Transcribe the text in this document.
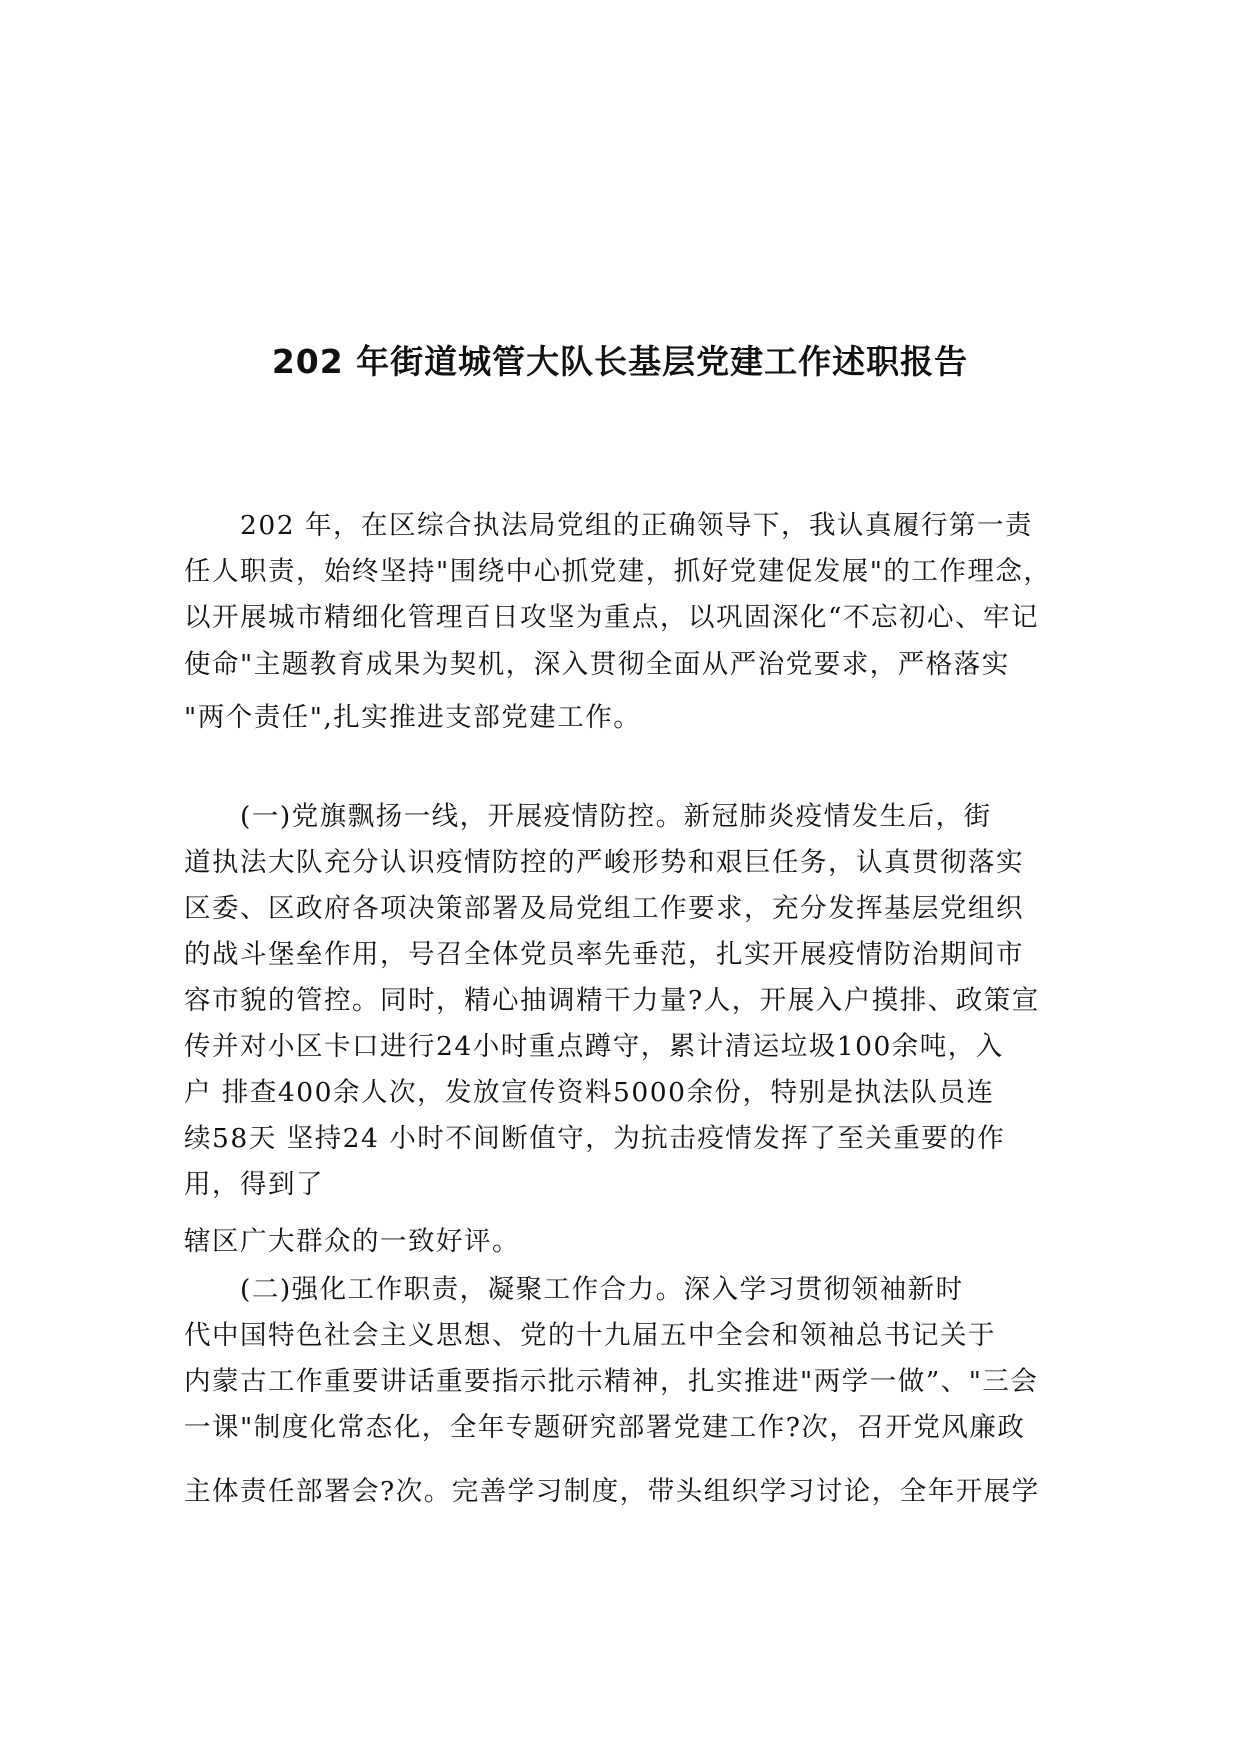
202 年街道城管大队长基层党建工作述职报告
202 年，在区综合执法局党组的正确领导下，我认真履行第一责
任人职责，始终坚持"围绕中心抓党建，抓好党建促发展"的工作理念，
以开展城市精细化管理百日攻坚为重点，以巩固深化“不忘初心、牢记
使命"主题教育成果为契机，深入贯彻全面从严治党要求，严格落实
"两个责任",扎实推进支部党建工作。
(一)党旗飘扬一线，开展疫情防控。新冠肺炎疫情发生后，街
道执法大队充分认识疫情防控的严峻形势和艰巨任务，认真贯彻落实
区委、区政府各项决策部署及局党组工作要求，充分发挥基层党组织
的战斗堡垒作用，号召全体党员率先垂范，扎实开展疫情防治期间市
容市貌的管控。同时，精心抽调精干力量?人，开展入户摸排、政策宣
传并对小区卡口进行24小时重点蹲守，累计清运垃圾100余吨，入
户 排查400余人次，发放宣传资料5000余份，特别是执法队员连
续58天 坚持24 小时不间断值守，为抗击疫情发挥了至关重要的作
用，得到了
辖区广大群众的一致好评。
(二)强化工作职责，凝聚工作合力。深入学习贯彻领袖新时
代中国特色社会主义思想、党的十九届五中全会和领袖总书记关于
内蒙古工作重要讲话重要指示批示精神，扎实推进"两学一做”、"三会
一课"制度化常态化，全年专题研究部署党建工作?次，召开党风廉政
主体责任部署会?次。完善学习制度，带头组织学习讨论，全年开展学
